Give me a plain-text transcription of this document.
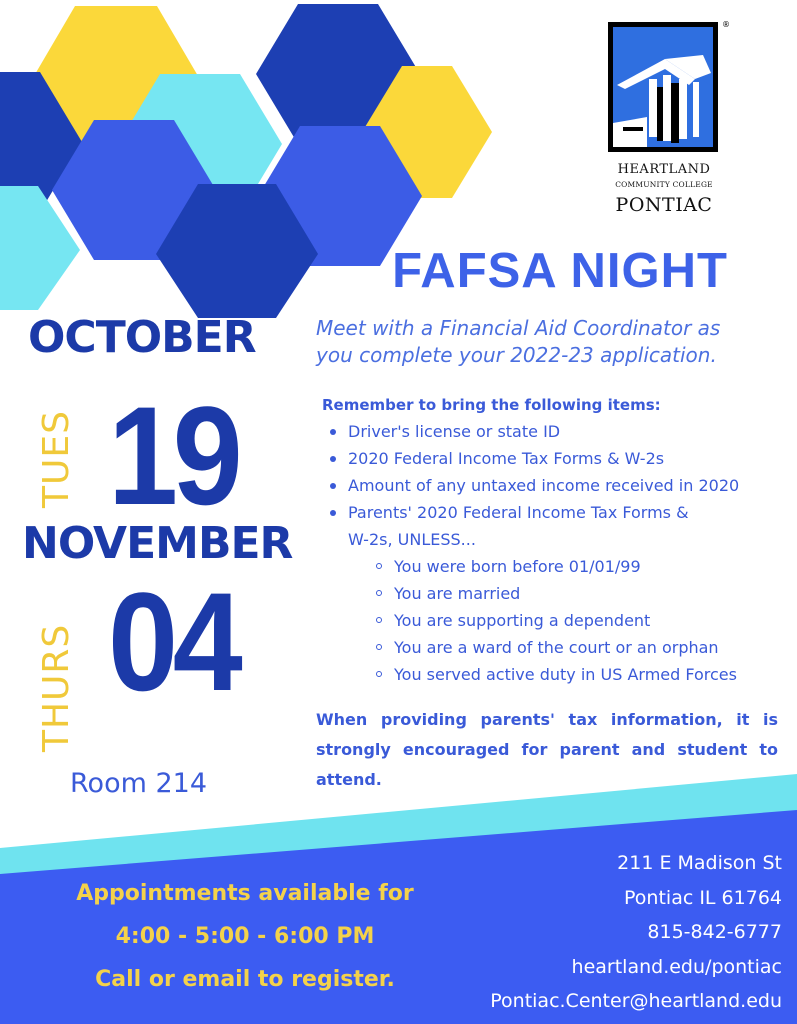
®
HEARTLAND
COMMUNITY COLLEGE
PONTIAC
FAFSA NIGHT
Meet with a Financial Aid Coordinator as
you complete your 2022-23 application.
OCTOBER
TUES 19
NOVEMBER
THURS 04
Room 214
Remember to bring the following items:
Driver's license or state ID
2020 Federal Income Tax Forms & W-2s
Amount of any untaxed income received in 2020
Parents' 2020 Federal Income Tax Forms &
W-2s, UNLESS...
You were born before 01/01/99
You are married
You are supporting a dependent
You are a ward of the court or an orphan
You served active duty in US Armed Forces

When providing parents' tax information, it is strongly encouraged for parent and student to attend.

Appointments available for
4:00 - 5:00 - 6:00 PM
Call or email to register.
211 E Madison St
Pontiac IL 61764
815-842-6777
heartland.edu/pontiac
Pontiac.Center@heartland.edu
